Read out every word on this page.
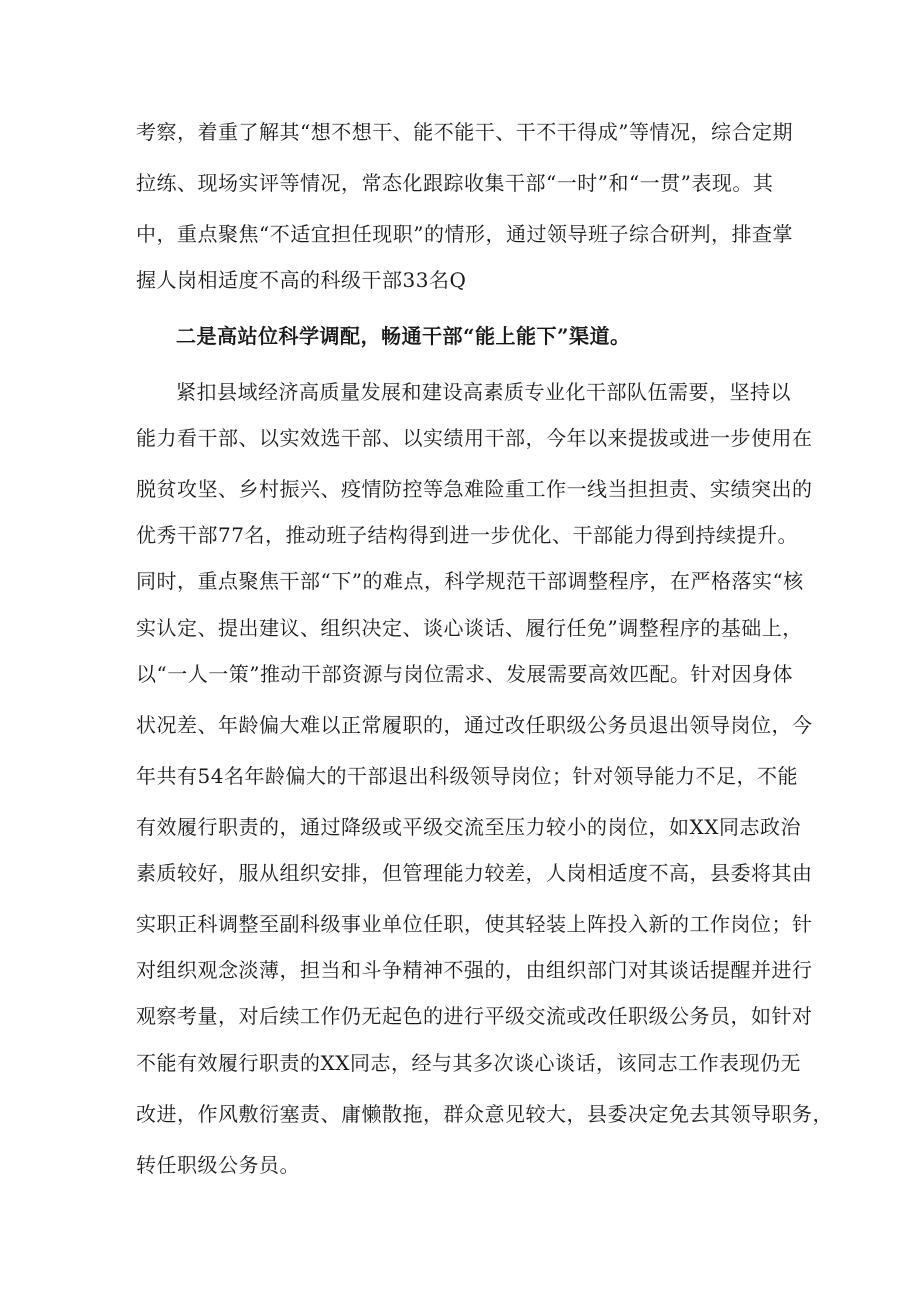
考察，着重了解其“想不想干、能不能干、干不干得成”等情况，综合定期
拉练、现场实评等情况，常态化跟踪收集干部“一时”和“一贯”表现。其
中，重点聚焦“不适宜担任现职”的情形，通过领导班子综合研判，排查掌
握人岗相适度不高的科级干部33名Q
二是高站位科学调配，畅通干部“能上能下”渠道。
紧扣县域经济高质量发展和建设高素质专业化干部队伍需要，坚持以
能力看干部、以实效选干部、以实绩用干部，今年以来提拔或进一步使用在
脱贫攻坚、乡村振兴、疫情防控等急难险重工作一线当担担责、实绩突出的
优秀干部77名，推动班子结构得到进一步优化、干部能力得到持续提升。
同时，重点聚焦干部“下”的难点，科学规范干部调整程序，在严格落实“核
实认定、提出建议、组织决定、谈心谈话、履行任免”调整程序的基础上，
以“一人一策”推动干部资源与岗位需求、发展需要高效匹配。针对因身体
状况差、年龄偏大难以正常履职的，通过改任职级公务员退出领导岗位，今
年共有54名年龄偏大的干部退出科级领导岗位；针对领导能力不足，不能
有效履行职责的，通过降级或平级交流至压力较小的岗位，如XX同志政治
素质较好，服从组织安排，但管理能力较差，人岗相适度不高，县委将其由
实职正科调整至副科级事业单位任职，使其轻装上阵投入新的工作岗位；针
对组织观念淡薄，担当和斗争精神不强的，由组织部门对其谈话提醒并进行
观察考量，对后续工作仍无起色的进行平级交流或改任职级公务员，如针对
不能有效履行职责的XX同志，经与其多次谈心谈话，该同志工作表现仍无
改进，作风敷衍塞责、庸懒散拖，群众意见较大，县委决定免去其领导职务，
转任职级公务员。
